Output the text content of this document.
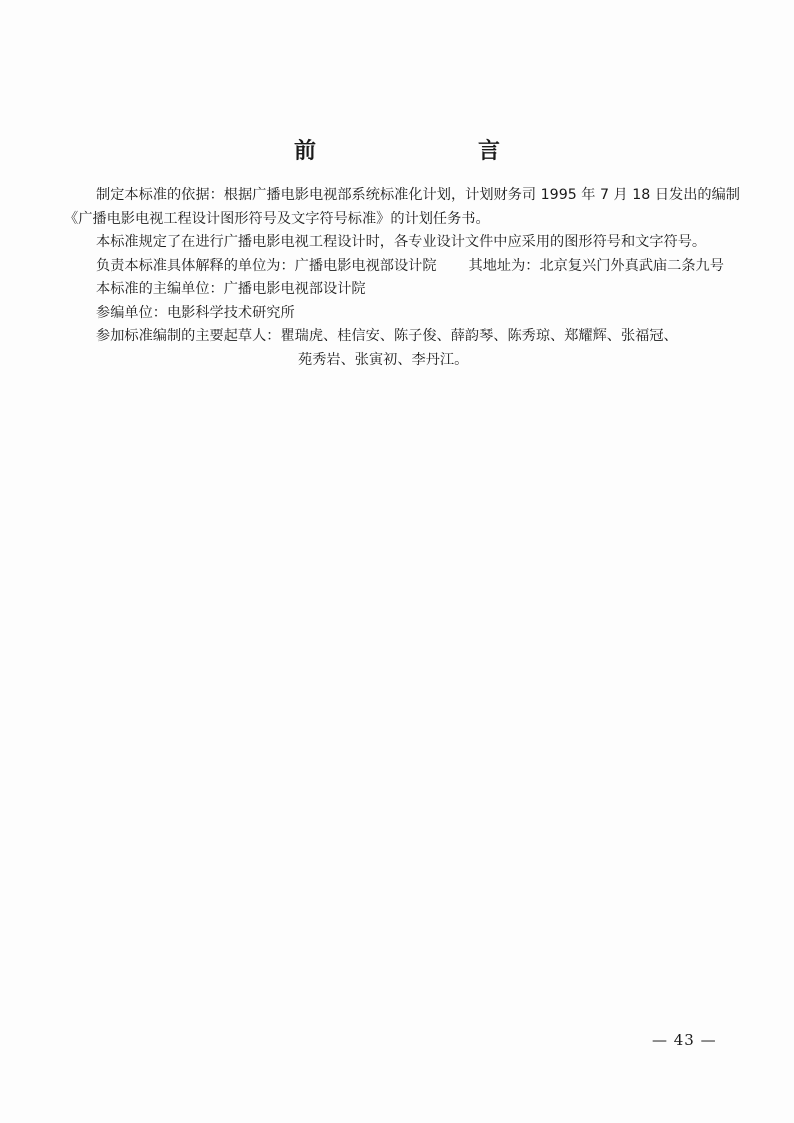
前　言

制定本标准的依据：根据广播电影电视部系统标准化计划，计划财务司 1995 年 7 月 18 日发出的编制《广播电影电视工程设计图形符号及文字符号标准》的计划任务书。

本标准规定了在进行广播电影电视工程设计时，各专业设计文件中应采用的图形符号和文字符号。

负责本标准具体解释的单位为：广播电影电视部设计院 其地址为：北京复兴门外真武庙二条九号

本标准的主编单位：广播电影电视部设计院

参编单位：电影科学技术研究所

参加标准编制的主要起草人：瞿瑞虎、桂信安、陈子俊、薛韵琴、陈秀琼、郑耀辉、张福冠、

苑秀岩、张寅初、李丹江。

— 43 —
